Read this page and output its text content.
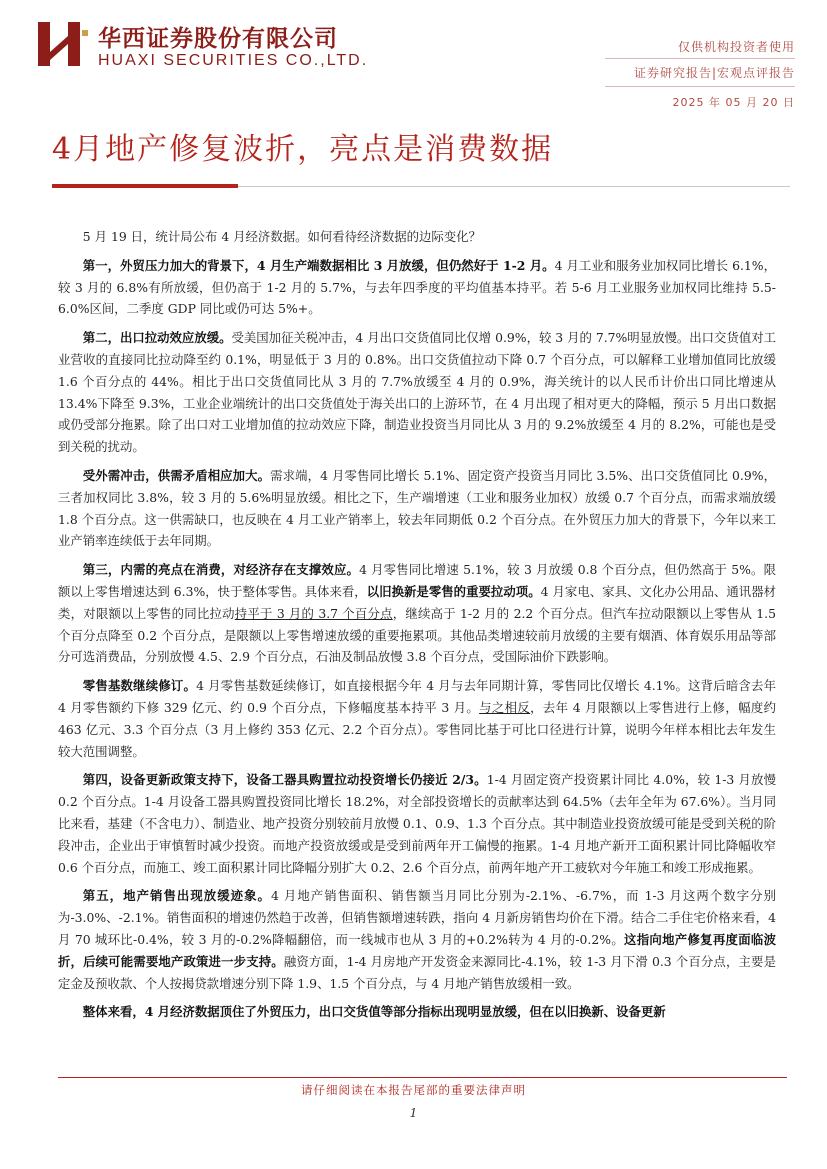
华西证券股份有限公司
HUAXI SECURITIES CO.,LTD.
仅供机构投资者使用
证券研究报告|宏观点评报告
2025 年 05 月 20 日
4月地产修复波折，亮点是消费数据

5 月 19 日，统计局公布 4 月经济数据。如何看待经济数据的边际变化？

第一，外贸压力加大的背景下，4 月生产端数据相比 3 月放缓，但仍然好于 1-2 月。4 月工业和服务业加权同比增长 6.1%，较 3 月的 6.8%有所放缓，但仍高于 1-2 月的 5.7%，与去年四季度的平均值基本持平。若 5-6 月工业服务业加权同比维持 5.5-6.0%区间，二季度 GDP 同比或仍可达 5%+。

第二，出口拉动效应放缓。受美国加征关税冲击，4 月出口交货值同比仅增 0.9%，较 3 月的 7.7%明显放慢。出口交货值对工业营收的直接同比拉动降至约 0.1%，明显低于 3 月的 0.8%。出口交货值拉动下降 0.7 个百分点，可以解释工业增加值同比放缓 1.6 个百分点的 44%。相比于出口交货值同比从 3 月的 7.7%放缓至 4 月的 0.9%，海关统计的以人民币计价出口同比增速从 13.4%下降至 9.3%，工业企业端统计的出口交货值处于海关出口的上游环节，在 4 月出现了相对更大的降幅，预示 5 月出口数据或仍受部分拖累。除了出口对工业增加值的拉动效应下降，制造业投资当月同比从 3 月的 9.2%放缓至 4 月的 8.2%，可能也是受到关税的扰动。

受外需冲击，供需矛盾相应加大。需求端，4 月零售同比增长 5.1%、固定资产投资当月同比 3.5%、出口交货值同比 0.9%，三者加权同比 3.8%，较 3 月的 5.6%明显放缓。相比之下，生产端增速（工业和服务业加权）放缓 0.7 个百分点，而需求端放缓 1.8 个百分点。这一供需缺口，也反映在 4 月工业产销率上，较去年同期低 0.2 个百分点。在外贸压力加大的背景下，今年以来工业产销率连续低于去年同期。

第三，内需的亮点在消费，对经济存在支撑效应。4 月零售同比增速 5.1%，较 3 月放缓 0.8 个百分点，但仍然高于 5%。限额以上零售增速达到 6.3%，快于整体零售。具体来看，以旧换新是零售的重要拉动项。4 月家电、家具、文化办公用品、通讯器材类，对限额以上零售的同比拉动持平于 3 月的 3.7 个百分点，继续高于 1-2 月的 2.2 个百分点。但汽车拉动限额以上零售从 1.5 个百分点降至 0.2 个百分点，是限额以上零售增速放缓的重要拖累项。其他品类增速较前月放缓的主要有烟酒、体育娱乐用品等部分可选消费品，分别放慢 4.5、2.9 个百分点，石油及制品放慢 3.8 个百分点，受国际油价下跌影响。

零售基数继续修订。4 月零售基数延续修订，如直接根据今年 4 月与去年同期计算，零售同比仅增长 4.1%。这背后暗含去年 4 月零售额约下修 329 亿元、约 0.9 个百分点，下修幅度基本持平 3 月。与之相反，去年 4 月限额以上零售进行上修，幅度约 463 亿元、3.3 个百分点（3 月上修约 353 亿元、2.2 个百分点）。零售同比基于可比口径进行计算，说明今年样本相比去年发生较大范围调整。

第四，设备更新政策支持下，设备工器具购置拉动投资增长仍接近 2/3。1-4 月固定资产投资累计同比 4.0%，较 1-3 月放慢 0.2 个百分点。1-4 月设备工器具购置投资同比增长 18.2%，对全部投资增长的贡献率达到 64.5%（去年全年为 67.6%）。当月同比来看，基建（不含电力）、制造业、地产投资分别较前月放慢 0.1、0.9、1.3 个百分点。其中制造业投资放缓可能是受到关税的阶段冲击，企业出于审慎暂时减少投资。而地产投资放缓或是受到前两年开工偏慢的拖累。1-4 月地产新开工面积累计同比降幅收窄 0.6 个百分点，而施工、竣工面积累计同比降幅分别扩大 0.2、2.6 个百分点，前两年地产开工疲软对今年施工和竣工形成拖累。

第五，地产销售出现放缓迹象。4 月地产销售面积、销售额当月同比分别为-2.1%、-6.7%，而 1-3 月这两个数字分别为-3.0%、-2.1%。销售面积的增速仍然趋于改善，但销售额增速转跌，指向 4 月新房销售均价在下滑。结合二手住宅价格来看，4 月 70 城环比-0.4%，较 3 月的-0.2%降幅翻倍，而一线城市也从 3 月的+0.2%转为 4 月的-0.2%。这指向地产修复再度面临波折，后续可能需要地产政策进一步支持。融资方面，1-4 月房地产开发资金来源同比-4.1%，较 1-3 月下滑 0.3 个百分点，主要是定金及预收款、个人按揭贷款增速分别下降 1.9、1.5 个百分点，与 4 月地产销售放缓相一致。

整体来看，4 月经济数据顶住了外贸压力，出口交货值等部分指标出现明显放缓，但在以旧换新、设备更新

请仔细阅读在本报告尾部的重要法律声明
1
